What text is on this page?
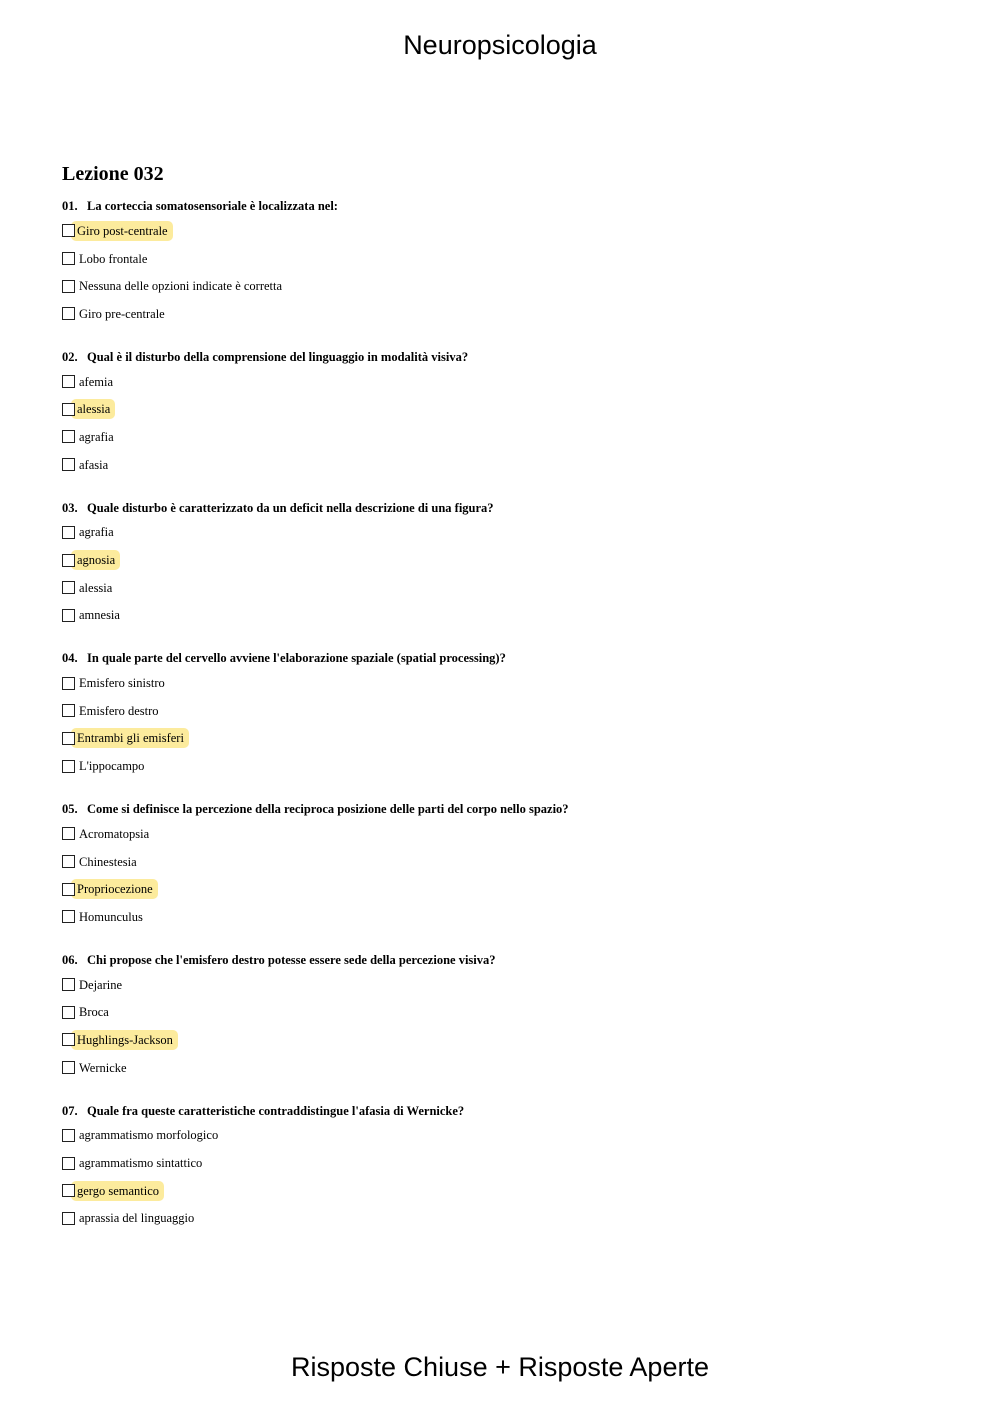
Neuropsicologia
Lezione 032
01. La corteccia somatosensoriale è localizzata nel:
Giro post-centrale
Lobo frontale
Nessuna delle opzioni indicate è corretta
Giro pre-centrale
02. Qual è il disturbo della comprensione del linguaggio in modalità visiva?
afemia
alessia
agrafia
afasia
03. Quale disturbo è caratterizzato da un deficit nella descrizione di una figura?
agrafia
agnosia
alessia
amnesia
04. In quale parte del cervello avviene l'elaborazione spaziale (spatial processing)?
Emisfero sinistro
Emisfero destro
Entrambi gli emisferi
L'ippocampo
05. Come si definisce la percezione della reciproca posizione delle parti del corpo nello spazio?
Acromatopsia
Chinestesia
Propriocezione
Homunculus
06. Chi propose che l'emisfero destro potesse essere sede della percezione visiva?
Dejarine
Broca
Hughlings-Jackson
Wernicke
07. Quale fra queste caratteristiche contraddistingue l'afasia di Wernicke?
agrammatismo morfologico
agrammatismo sintattico
gergo semantico
aprassia del linguaggio
Risposte Chiuse + Risposte Aperte
